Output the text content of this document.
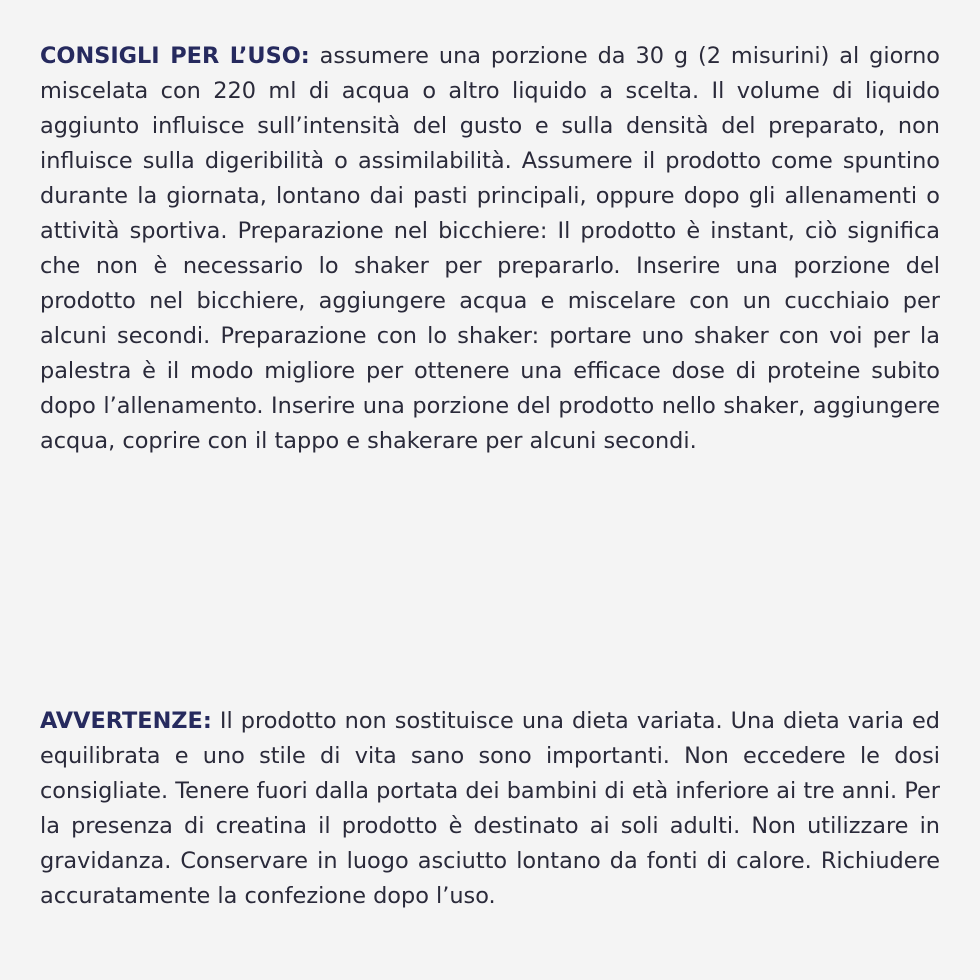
CONSIGLI PER L’USO: assumere una porzione da 30 g (2 misurini) al giorno miscelata con 220 ml di acqua o altro liquido a scelta. Il volume di liquido aggiunto influisce sull’intensità del gusto e sulla densità del preparato, non influisce sulla digeribilità o assimilabilità. Assumere il prodotto come spuntino durante la giornata, lontano dai pasti principali, oppure dopo gli allenamenti o attività sportiva. Preparazione nel bicchiere: Il prodotto è instant, ciò significa che non è necessario lo shaker per prepararlo. Inserire una porzione del prodotto nel bicchiere, aggiungere acqua e miscelare con un cucchiaio per alcuni secondi. Preparazione con lo shaker: portare uno shaker con voi per la palestra è il modo migliore per ottenere una efficace dose di proteine subito dopo l’allenamento. Inserire una porzione del prodotto nello shaker, aggiungere acqua, coprire con il tappo e shakerare per alcuni secondi.

AVVERTENZE: Il prodotto non sostituisce una dieta variata. Una dieta varia ed equilibrata e uno stile di vita sano sono importanti. Non eccedere le dosi consigliate. Tenere fuori dalla portata dei bambini di età inferiore ai tre anni. Per la presenza di creatina il prodotto è destinato ai soli adulti. Non utilizzare in gravidanza. Conservare in luogo asciutto lontano da fonti di calore. Richiudere accuratamente la confezione dopo l’uso.
